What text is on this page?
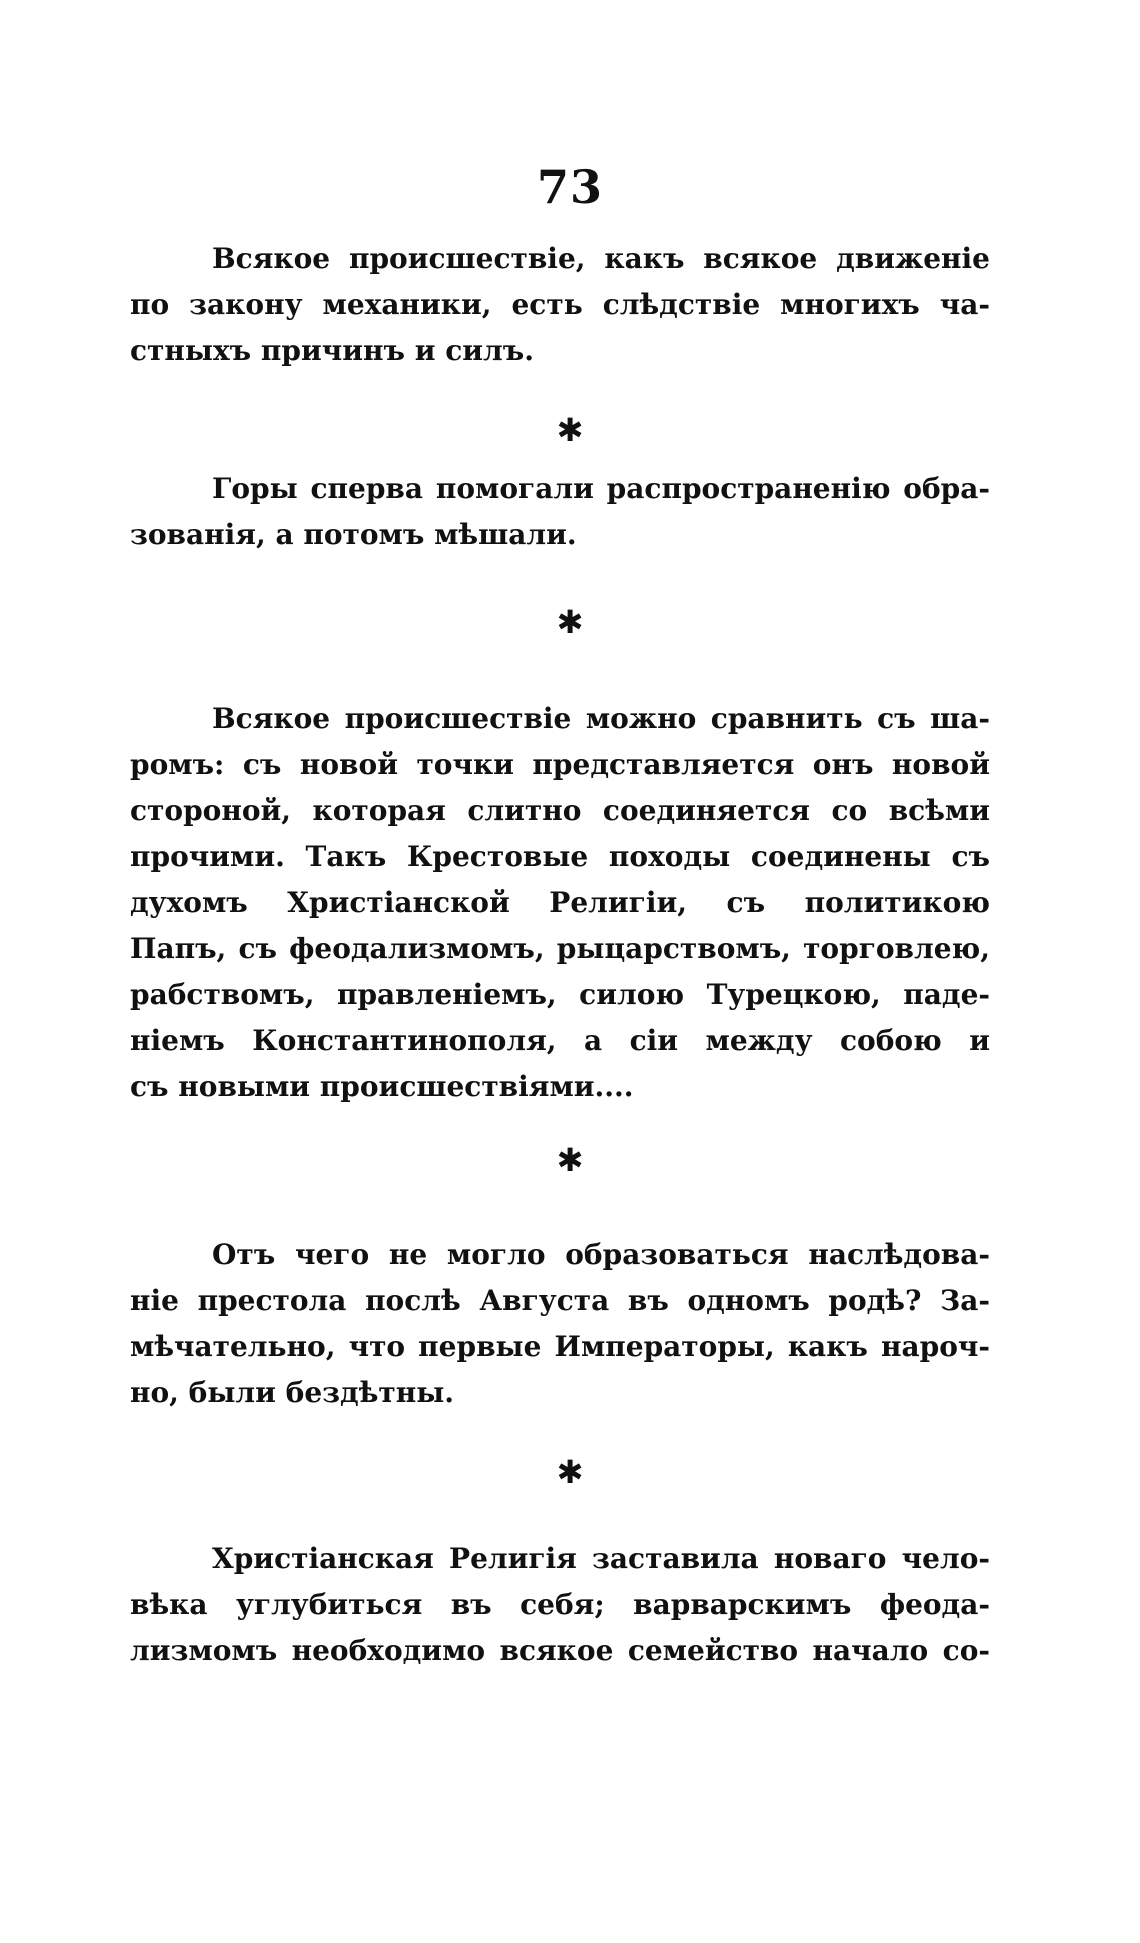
73
Всякое происшествіе, какъ всякое движеніе
по закону механики, есть слѣдствіе многихъ ча-
стныхъ причинъ и силъ.
✱
Горы сперва помогали распространенію обра-
зованія, а потомъ мѣшали.
✱
Всякое происшествіе можно сравнить съ ша-
ромъ: съ новой точки представляется онъ новой
стороной, которая слитно соединяется со всѣми
прочими. Такъ Крестовые походы соединены съ
духомъ Христіанской Религіи, съ политикою
Папъ, съ феодализмомъ, рыцарствомъ, торговлею,
рабствомъ, правленіемъ, силою Турецкою, паде-
ніемъ Константинополя, а сіи между собою и
съ новыми происшествіями....
✱
Отъ чего не могло образоваться наслѣдова-
ніе престола послѣ Августа въ одномъ родѣ? За-
мѣчательно, что первые Императоры, какъ нароч-
но, были бездѣтны.
✱
Христіанская Религія заставила новаго чело-
вѣка углубиться въ себя; варварскимъ феода-
лизмомъ необходимо всякое семейство начало со-
